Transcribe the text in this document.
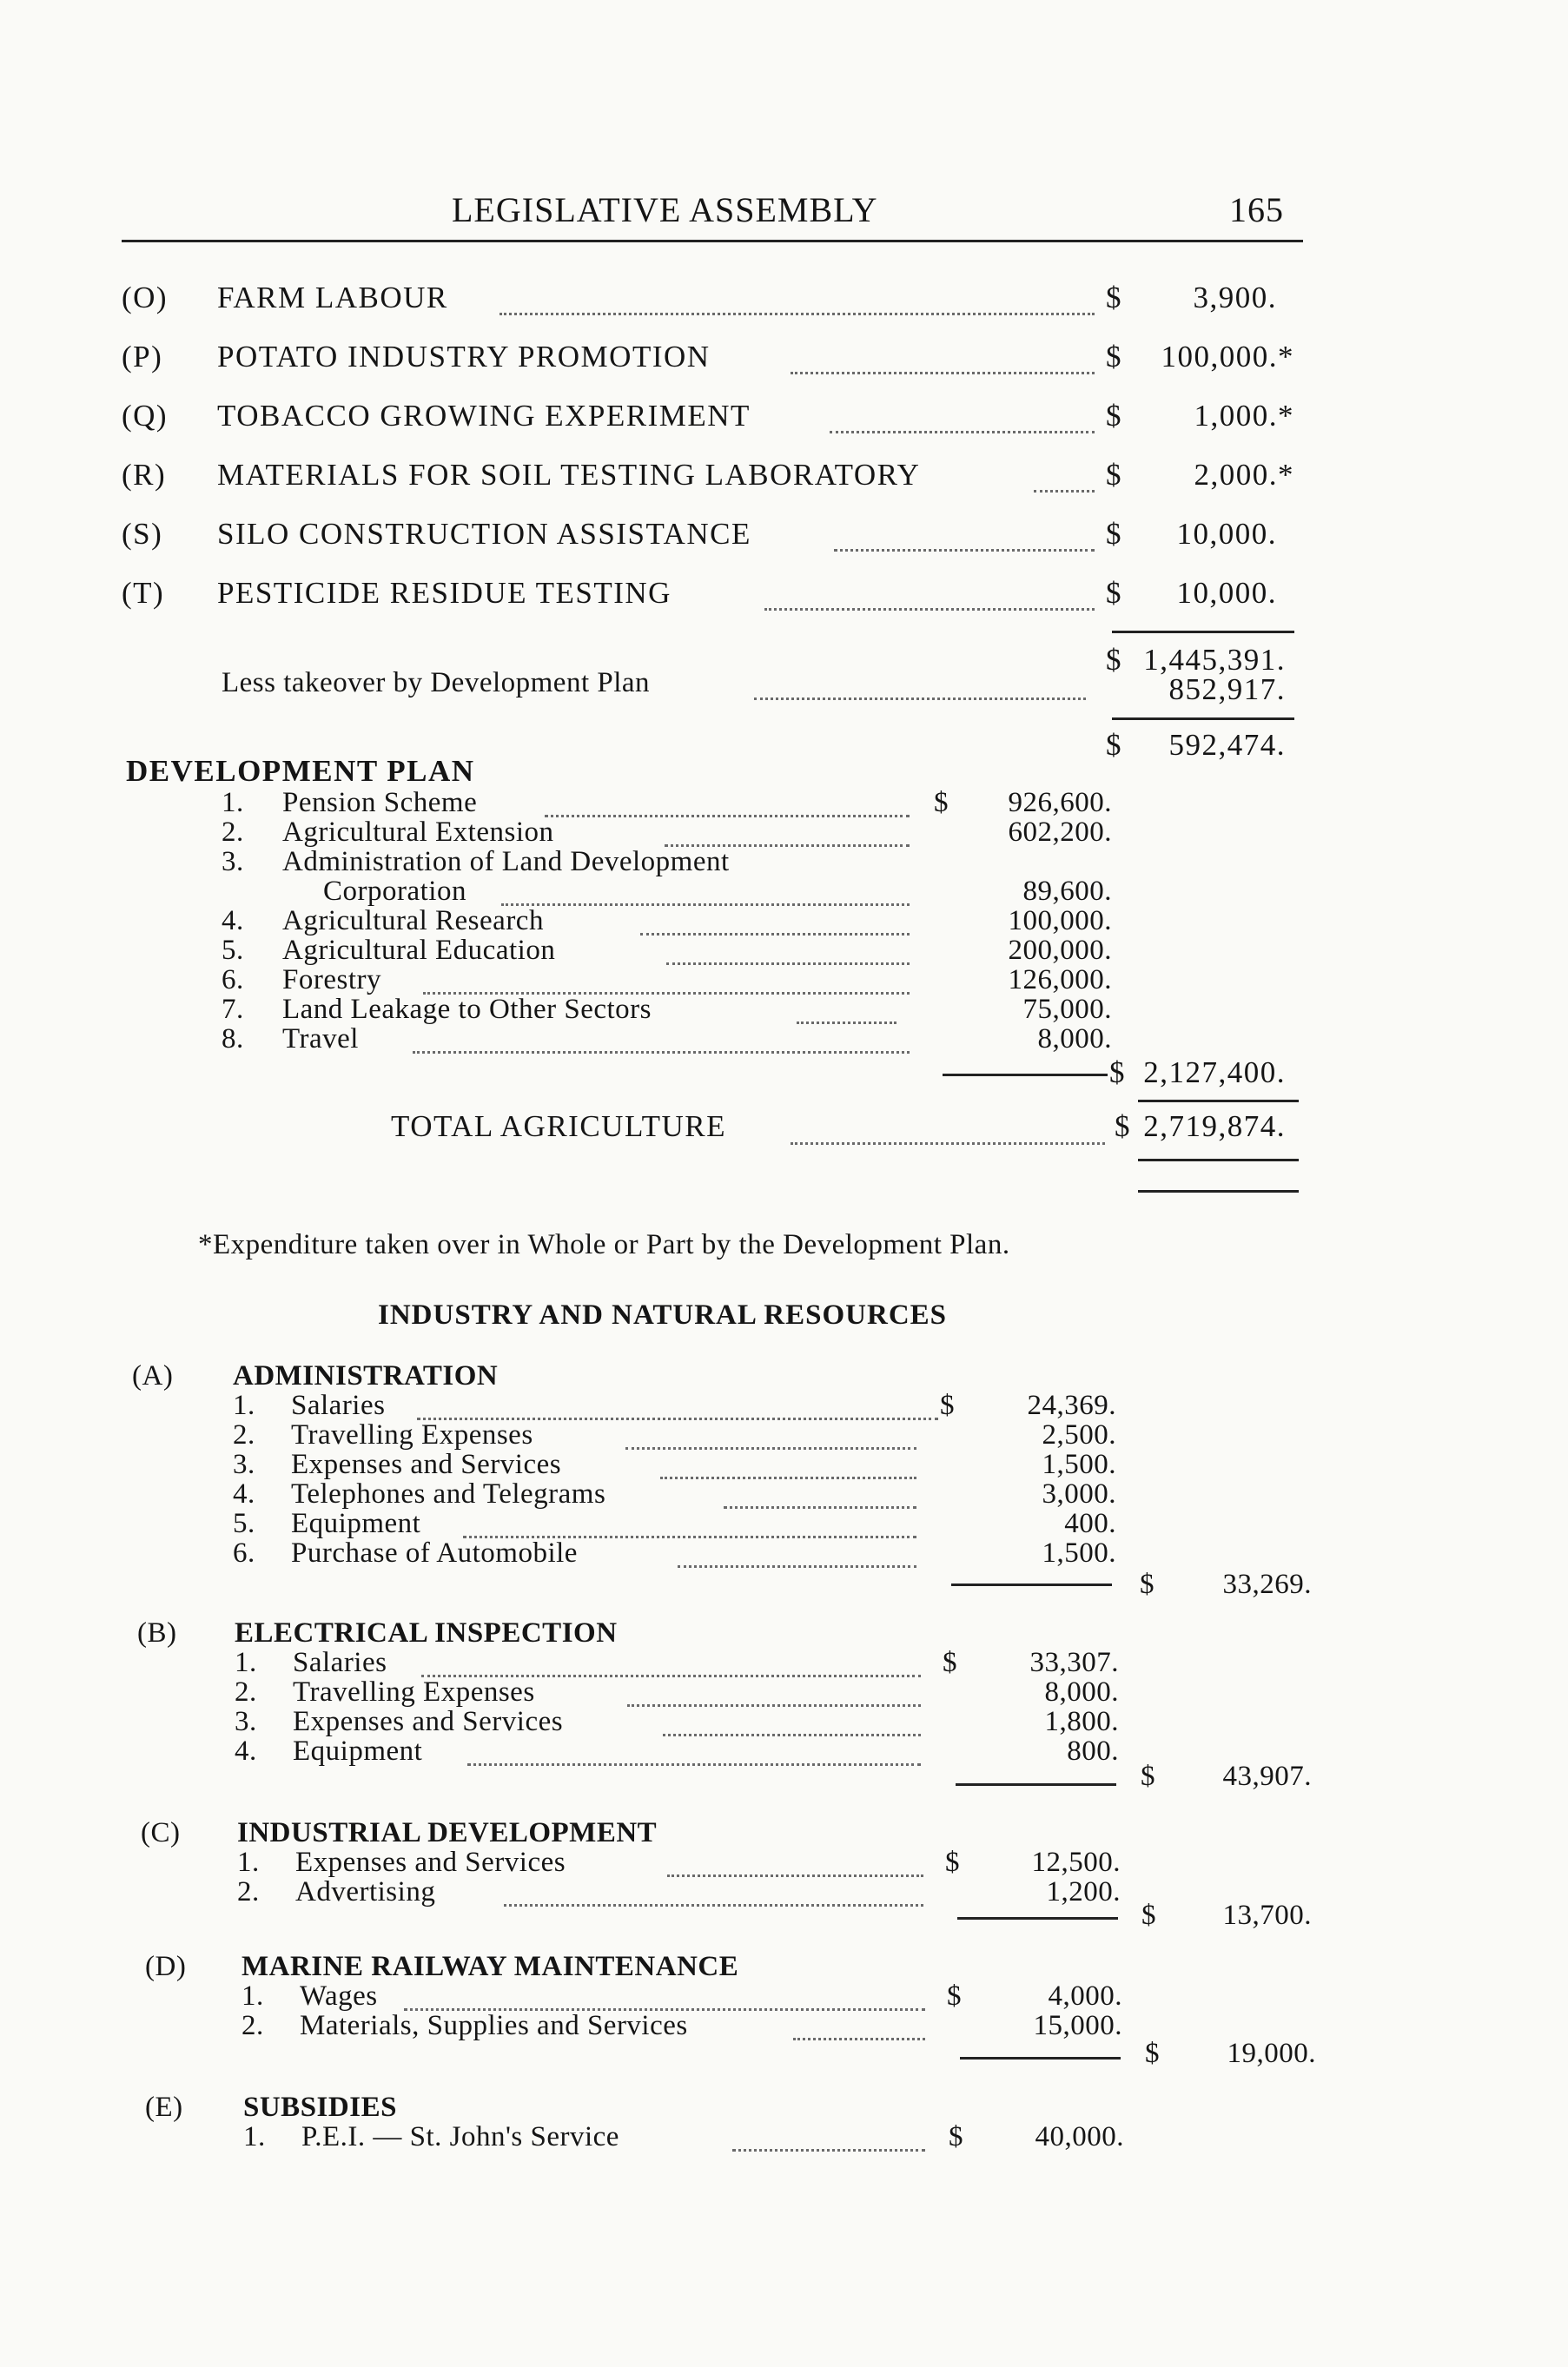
LEGISLATIVE ASSEMBLY	165
(O) FARM LABOUR	$	3,900.
(P) POTATO INDUSTRY PROMOTION	$	100,000.*
(Q) TOBACCO GROWING EXPERIMENT	$	1,000.*
(R) MATERIALS FOR SOIL TESTING LABORATORY	$	2,000.*
(S) SILO CONSTRUCTION ASSISTANCE	$	10,000.
(T) PESTICIDE RESIDUE TESTING	$	10,000.
$ 1,445,391.
Less takeover by Development Plan	852,917.
$	592,474.
DEVELOPMENT PLAN
1. Pension Scheme	$	926,600.
2. Agricultural Extension	602,200.
3. Administration of Land Development
Corporation	89,600.
4. Agricultural Research	100,000.
5. Agricultural Education	200,000.
6. Forestry	126,000.
7. Land Leakage to Other Sectors	75,000.
8. Travel	8,000.
$ 2,127,400.
TOTAL AGRICULTURE	$ 2,719,874.
*Expenditure taken over in Whole or Part by the Development Plan.
INDUSTRY AND NATURAL RESOURCES
(A) ADMINISTRATION
1. Salaries	$	24,369.
2. Travelling Expenses	2,500.
3. Expenses and Services	1,500.
4. Telephones and Telegrams	3,000.
5. Equipment	400.
6. Purchase of Automobile	1,500.
$	33,269.
(B) ELECTRICAL INSPECTION
1. Salaries	$	33,307.
2. Travelling Expenses	8,000.
3. Expenses and Services	1,800.
4. Equipment	800.
$	43,907.
(C) INDUSTRIAL DEVELOPMENT
1. Expenses and Services	$	12,500.
2. Advertising	1,200.
$	13,700.
(D) MARINE RAILWAY MAINTENANCE
1. Wages	$	4,000.
2. Materials, Supplies and Services	15,000.
$	19,000.
(E) SUBSIDIES
1. P.E.I. — St. John's Service	$	40,000.
